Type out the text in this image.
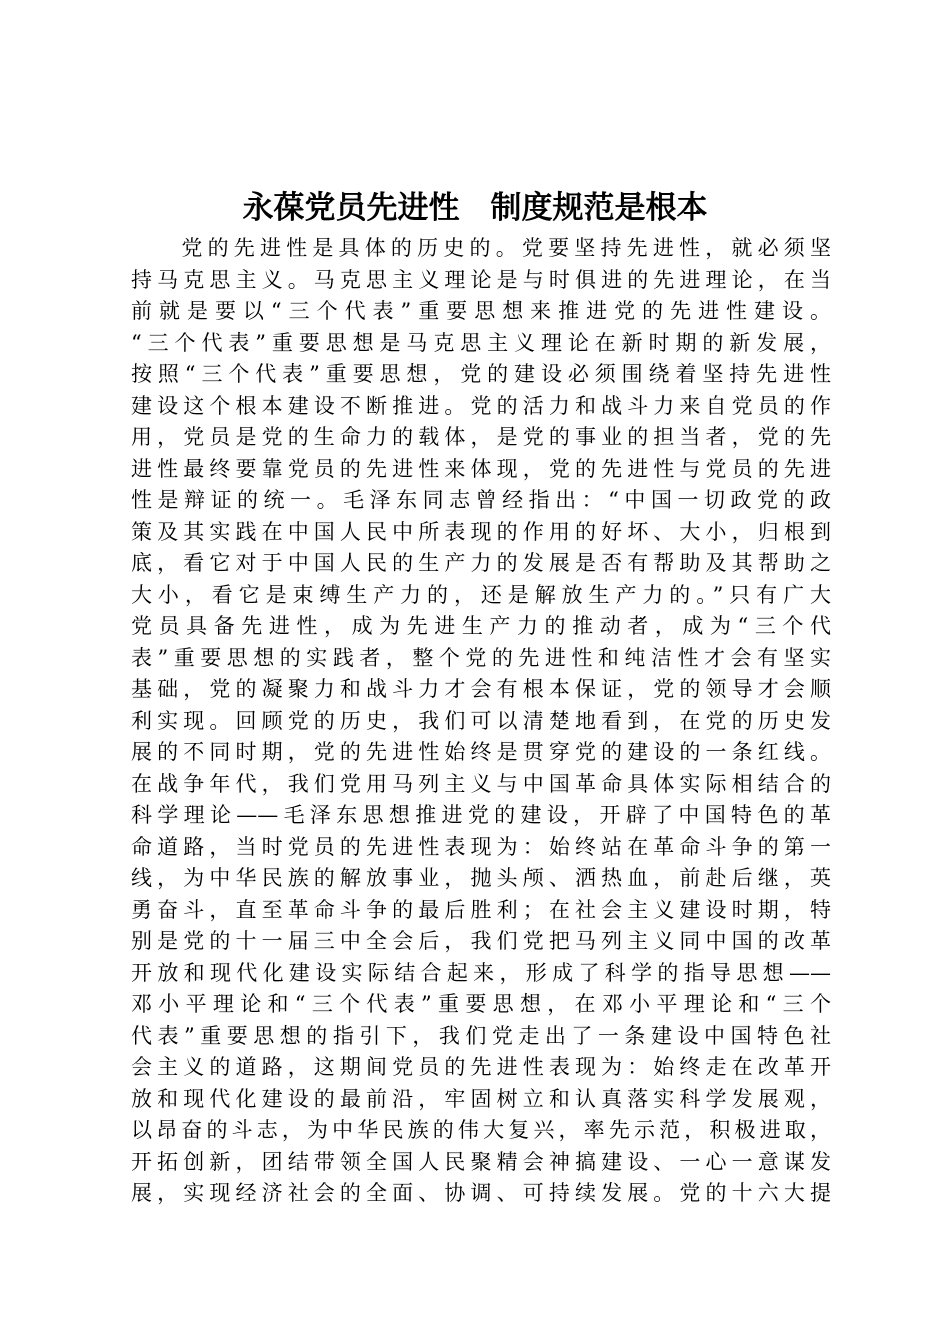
永葆党员先进性　制度规范是根本
党的先进性是具体的历史的。党要坚持先进性，就必须坚
持马克思主义。马克思主义理论是与时俱进的先进理论，在当
前就是要以“三个代表”重要思想来推进党的先进性建设。
“三个代表”重要思想是马克思主义理论在新时期的新发展，
按照“三个代表”重要思想，党的建设必须围绕着坚持先进性
建设这个根本建设不断推进。党的活力和战斗力来自党员的作
用，党员是党的生命力的载体，是党的事业的担当者，党的先
进性最终要靠党员的先进性来体现，党的先进性与党员的先进
性是辩证的统一。毛泽东同志曾经指出：“中国一切政党的政
策及其实践在中国人民中所表现的作用的好坏、大小，归根到
底，看它对于中国人民的生产力的发展是否有帮助及其帮助之
大小，看它是束缚生产力的，还是解放生产力的。”只有广大
党员具备先进性，成为先进生产力的推动者，成为“三个代
表”重要思想的实践者，整个党的先进性和纯洁性才会有坚实
基础，党的凝聚力和战斗力才会有根本保证，党的领导才会顺
利实现。回顾党的历史，我们可以清楚地看到，在党的历史发
展的不同时期，党的先进性始终是贯穿党的建设的一条红线。
在战争年代，我们党用马列主义与中国革命具体实际相结合的
科学理论——毛泽东思想推进党的建设，开辟了中国特色的革
命道路，当时党员的先进性表现为：始终站在革命斗争的第一
线，为中华民族的解放事业，抛头颅、洒热血，前赴后继，英
勇奋斗，直至革命斗争的最后胜利；在社会主义建设时期，特
别是党的十一届三中全会后，我们党把马列主义同中国的改革
开放和现代化建设实际结合起来，形成了科学的指导思想——
邓小平理论和“三个代表”重要思想，在邓小平理论和“三个
代表”重要思想的指引下，我们党走出了一条建设中国特色社
会主义的道路，这期间党员的先进性表现为：始终走在改革开
放和现代化建设的最前沿，牢固树立和认真落实科学发展观，
以昂奋的斗志，为中华民族的伟大复兴，率先示范，积极进取，
开拓创新，团结带领全国人民聚精会神搞建设、一心一意谋发
展，实现经济社会的全面、协调、可持续发展。党的十六大提
